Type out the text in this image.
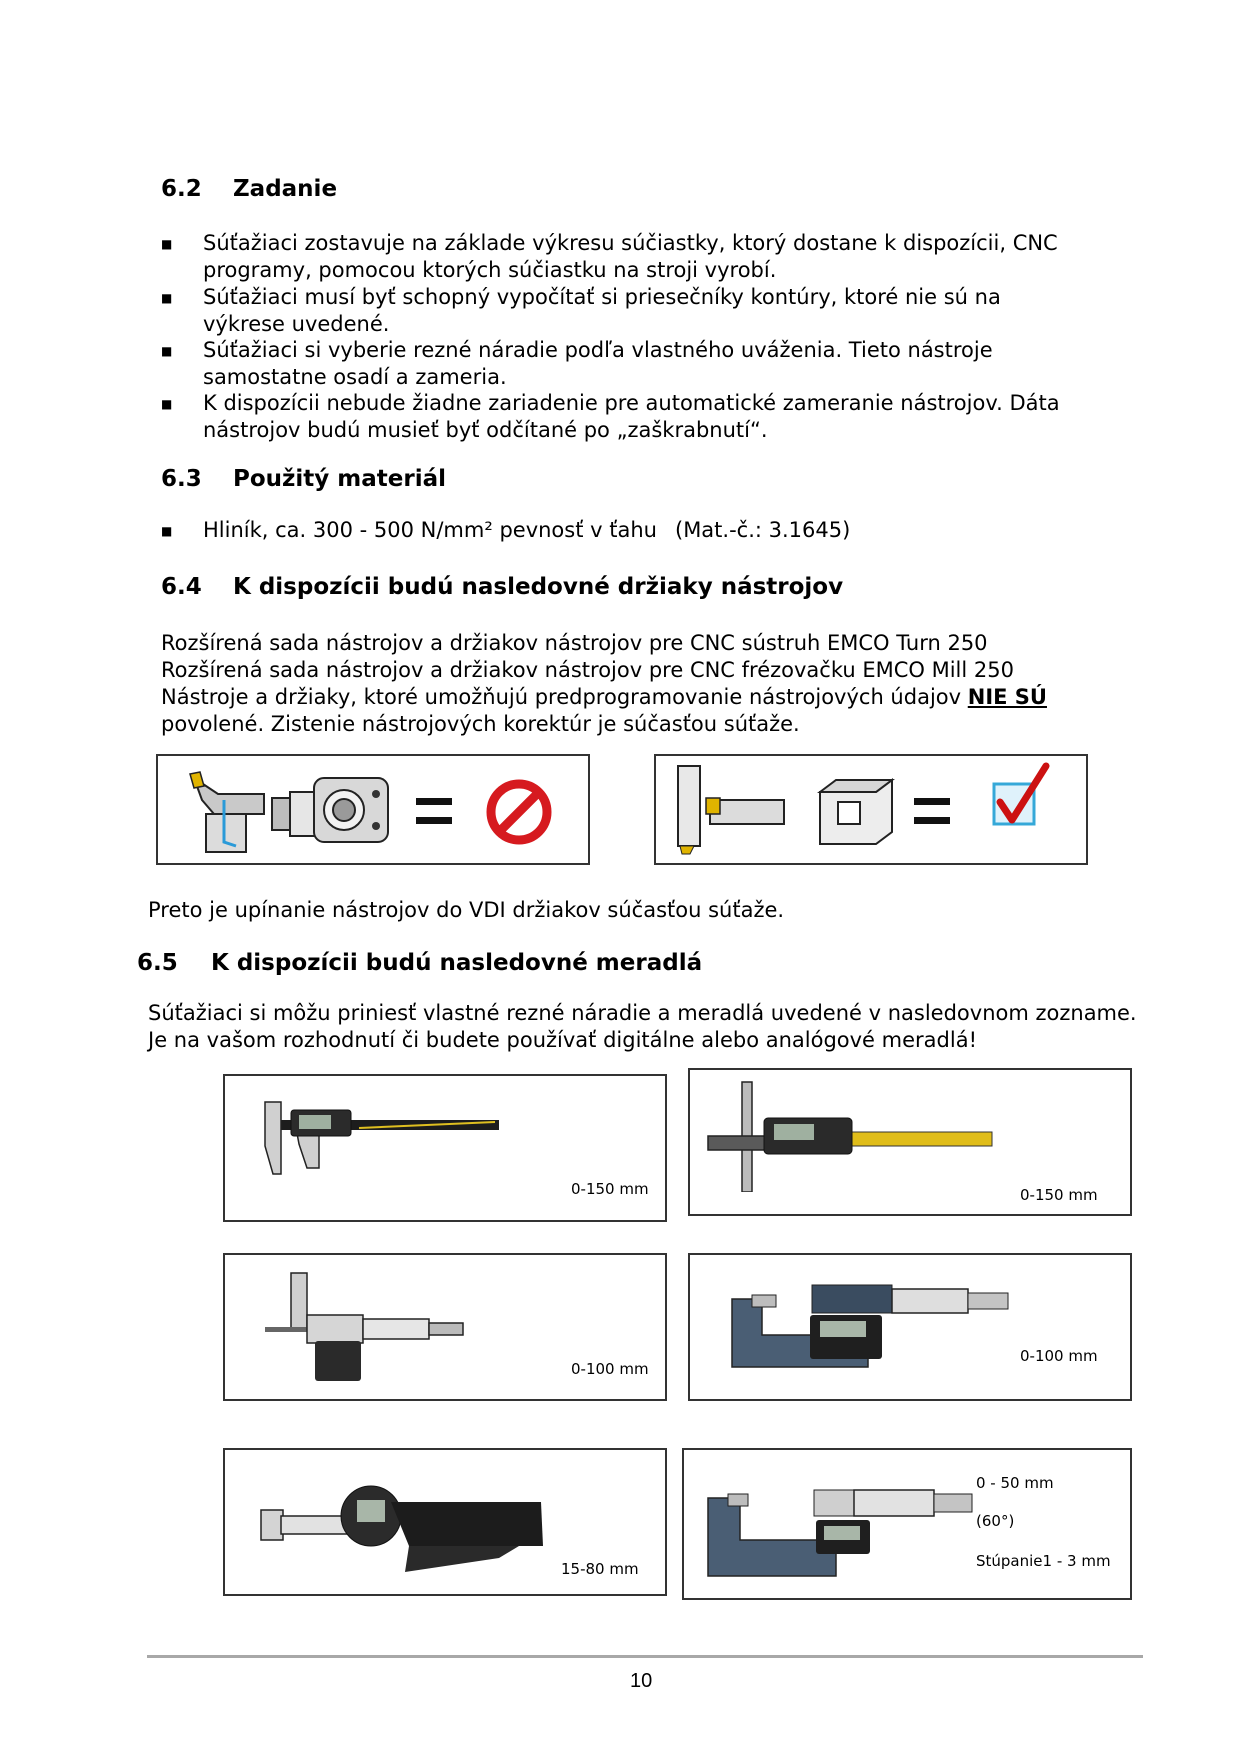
6.2 Zadanie
■ Súťažiaci zostavuje na základe výkresu súčiastky, ktorý dostane k dispozícii, CNC
programy, pomocou ktorých súčiastku na stroji vyrobí.
■ Súťažiaci musí byť schopný vypočítať si priesečníky kontúry, ktoré nie sú na
výkrese uvedené.
■ Súťažiaci si vyberie rezné náradie podľa vlastného uváženia. Tieto nástroje
samostatne osadí a zameria.
■ K dispozícii nebude žiadne zariadenie pre automatické zameranie nástrojov. Dáta
nástrojov budú musieť byť odčítané po „zaškrabnutí“.
6.3 Použitý materiál
■ Hliník, ca. 300 - 500 N/mm² pevnosť v ťahu (Mat.-č.: 3.1645)
6.4 K dispozícii budú nasledovné držiaky nástrojov
Rozšírená sada nástrojov a držiakov nástrojov pre CNC sústruh EMCO Turn 250
Rozšírená sada nástrojov a držiakov nástrojov pre CNC frézovačku EMCO Mill 250
Nástroje a držiaky, ktoré umožňujú predprogramovanie nástrojových údajov NIE SÚ
povolené. Zistenie nástrojových korektúr je súčasťou súťaže.
Preto je upínanie nástrojov do VDI držiakov súčasťou súťaže.
6.5 K dispozícii budú nasledovné meradlá
Súťažiaci si môžu priniesť vlastné rezné náradie a meradlá uvedené v nasledovnom zozname.
Je na vašom rozhodnutí či budete používať digitálne alebo analógové meradlá!
0-150 mm	0-150 mm
0-100 mm
0-100 mm
15-80 mm
0 - 50 mm
(60°)
Stúpanie1 - 3 mm
10
